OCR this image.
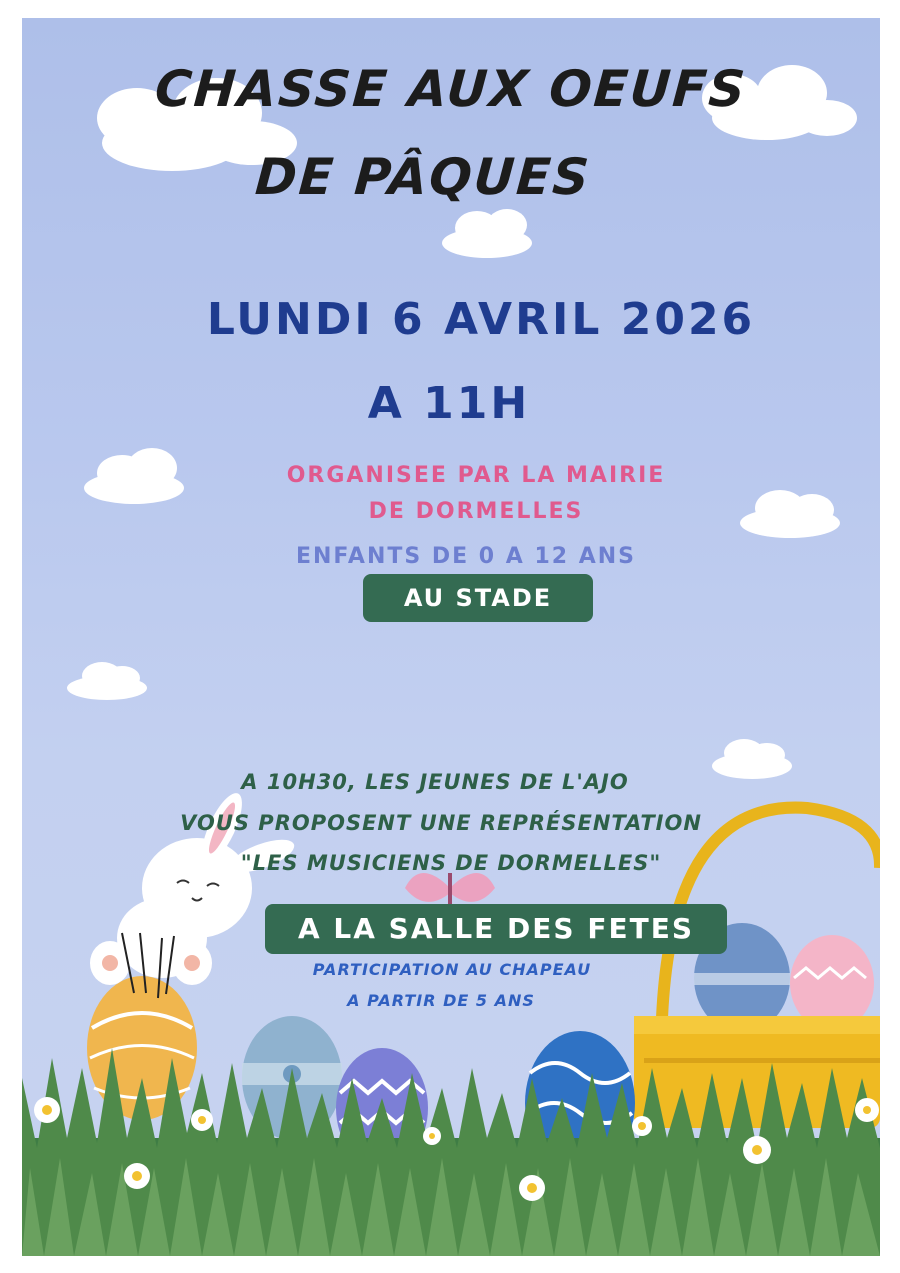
CHASSE AUX OEUFS
DE PÂQUES
LUNDI 6 AVRIL 2026
A 11H
ORGANISEE PAR LA MAIRIE
DE DORMELLES
ENFANTS DE 0 A 12 ANS
AU STADE
A 10H30, LES JEUNES DE L'AJO
VOUS PROPOSENT UNE REPRÉSENTATION
"LES MUSICIENS DE DORMELLES"
A LA SALLE DES FETES
PARTICIPATION AU CHAPEAU
A PARTIR DE 5 ANS
